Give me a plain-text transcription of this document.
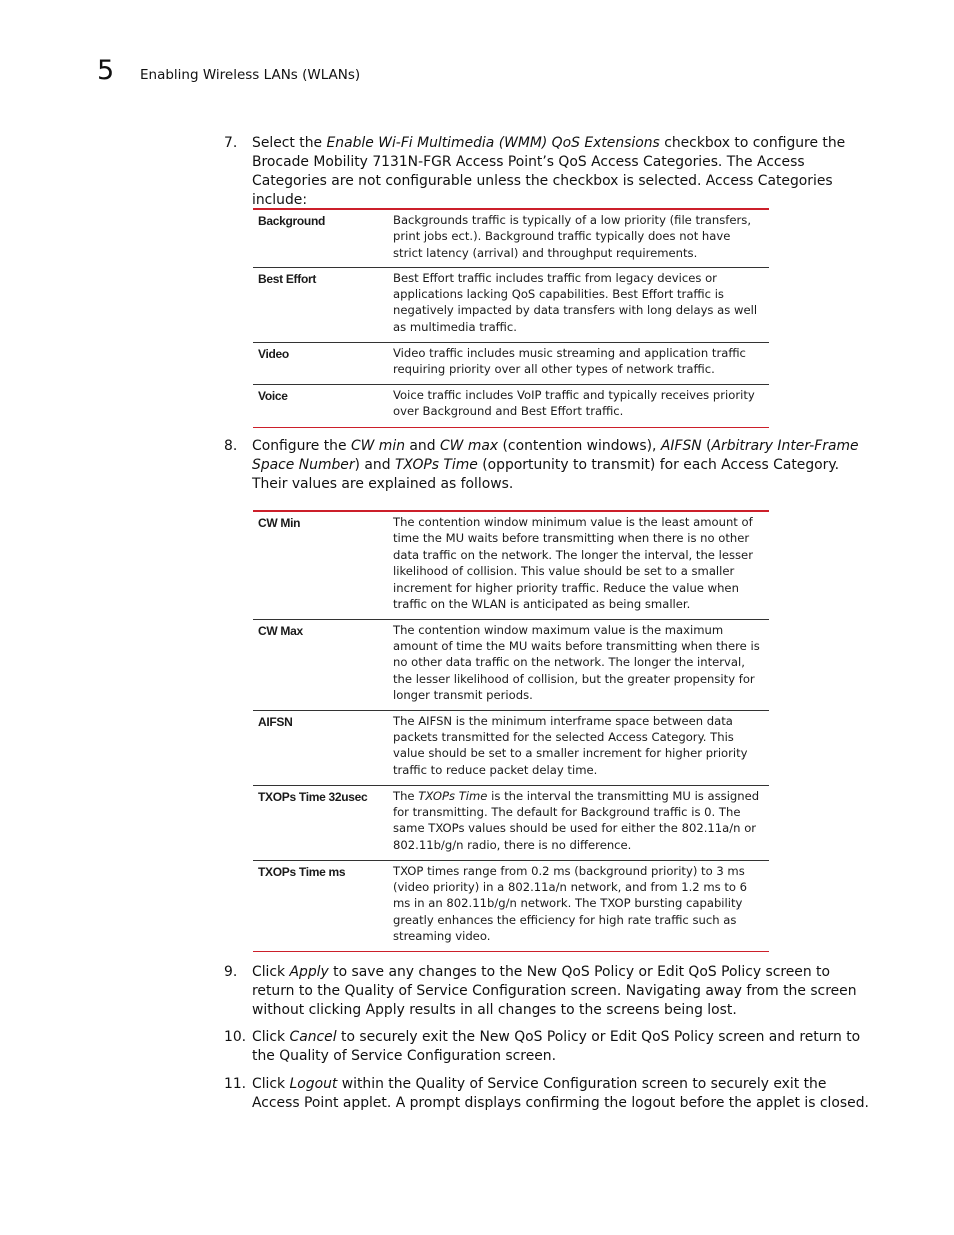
5 Enabling Wireless LANs (WLANs)
7. Select the Enable Wi-Fi Multimedia (WMM) QoS Extensions checkbox to configure the Brocade Mobility 7131N-FGR Access Point’s QoS Access Categories. The Access Categories are not configurable unless the checkbox is selected. Access Categories include:
Background	Backgrounds traffic is typically of a low priority (file transfers, print jobs ect.). Background traffic typically does not have strict latency (arrival) and throughput requirements.
Best Effort	Best Effort traffic includes traffic from legacy devices or applications lacking QoS capabilities. Best Effort traffic is negatively impacted by data transfers with long delays as well as multimedia traffic.
Video	Video traffic includes music streaming and application traffic requiring priority over all other types of network traffic.
Voice	Voice traffic includes VoIP traffic and typically receives priority over Background and Best Effort traffic.
8. Configure the CW min and CW max (contention windows), AIFSN (Arbitrary Inter-Frame Space Number) and TXOPs Time (opportunity to transmit) for each Access Category. Their values are explained as follows.
CW Min	The contention window minimum value is the least amount of time the MU waits before transmitting when there is no other data traffic on the network. The longer the interval, the lesser likelihood of collision. This value should be set to a smaller increment for higher priority traffic. Reduce the value when traffic on the WLAN is anticipated as being smaller.
CW Max	The contention window maximum value is the maximum amount of time the MU waits before transmitting when there is no other data traffic on the network. The longer the interval, the lesser likelihood of collision, but the greater propensity for longer transmit periods.
AIFSN	The AIFSN is the minimum interframe space between data packets transmitted for the selected Access Category. This value should be set to a smaller increment for higher priority traffic to reduce packet delay time.
TXOPs Time 32usec	The TXOPs Time is the interval the transmitting MU is assigned for transmitting. The default for Background traffic is 0. The same TXOPs values should be used for either the 802.11a/n or 802.11b/g/n radio, there is no difference.
TXOPs Time ms	TXOP times range from 0.2 ms (background priority) to 3 ms (video priority) in a 802.11a/n network, and from 1.2 ms to 6 ms in an 802.11b/g/n network. The TXOP bursting capability greatly enhances the efficiency for high rate traffic such as streaming video.
9. Click Apply to save any changes to the New QoS Policy or Edit QoS Policy screen to return to the Quality of Service Configuration screen. Navigating away from the screen without clicking Apply results in all changes to the screens being lost.
10. Click Cancel to securely exit the New QoS Policy or Edit QoS Policy screen and return to the Quality of Service Configuration screen.
11. Click Logout within the Quality of Service Configuration screen to securely exit the Access Point applet. A prompt displays confirming the logout before the applet is closed.
